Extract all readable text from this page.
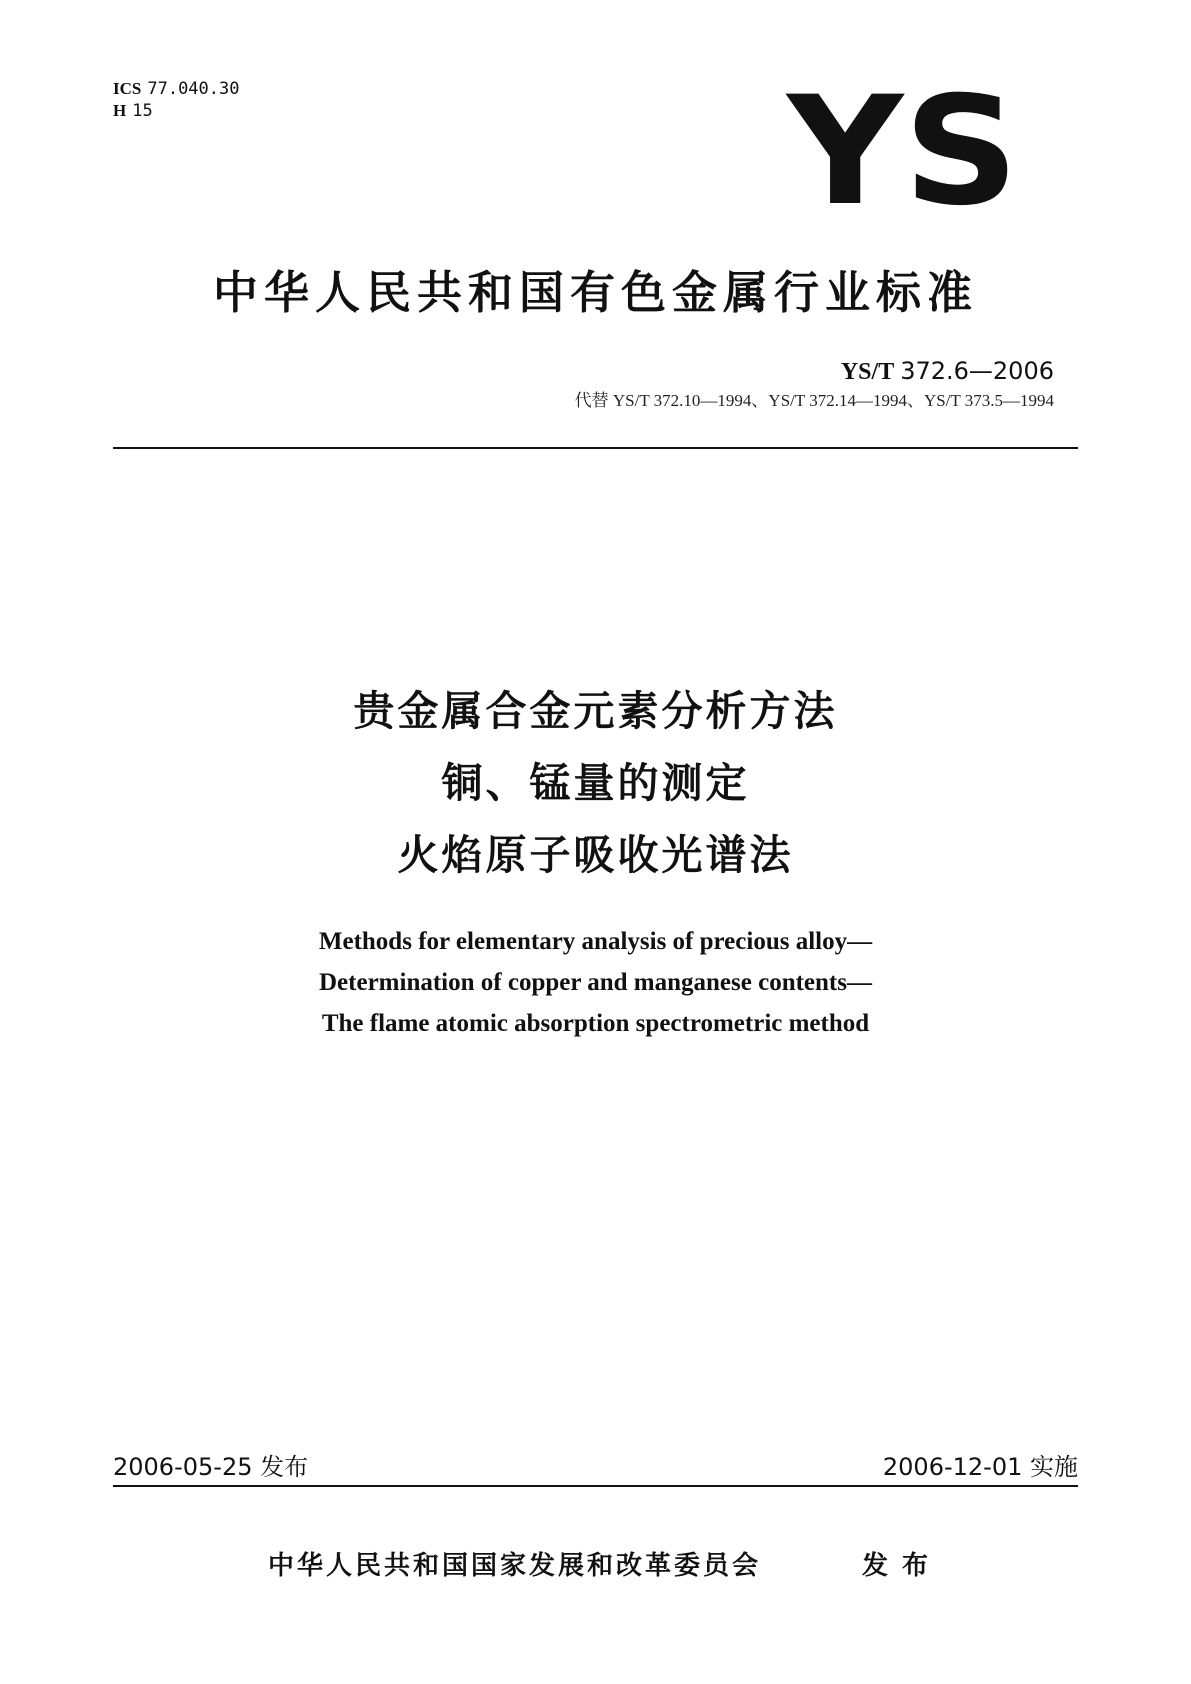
ICS 77.040.30
H 15	YS
中华人民共和国有色金属行业标准
YS/T 372.6—2006
代替 YS/T 372.10—1994、YS/T 372.14—1994、YS/T 373.5—1994
贵金属合金元素分析方法
铜、锰量的测定
火焰原子吸收光谱法
Methods for elementary analysis of precious alloy—
Determination of copper and manganese contents—
The flame atomic absorption spectrometric method
2006-05-25 发布	2006-12-01 实施
中华人民共和国国家发展和改革委员会	发布
